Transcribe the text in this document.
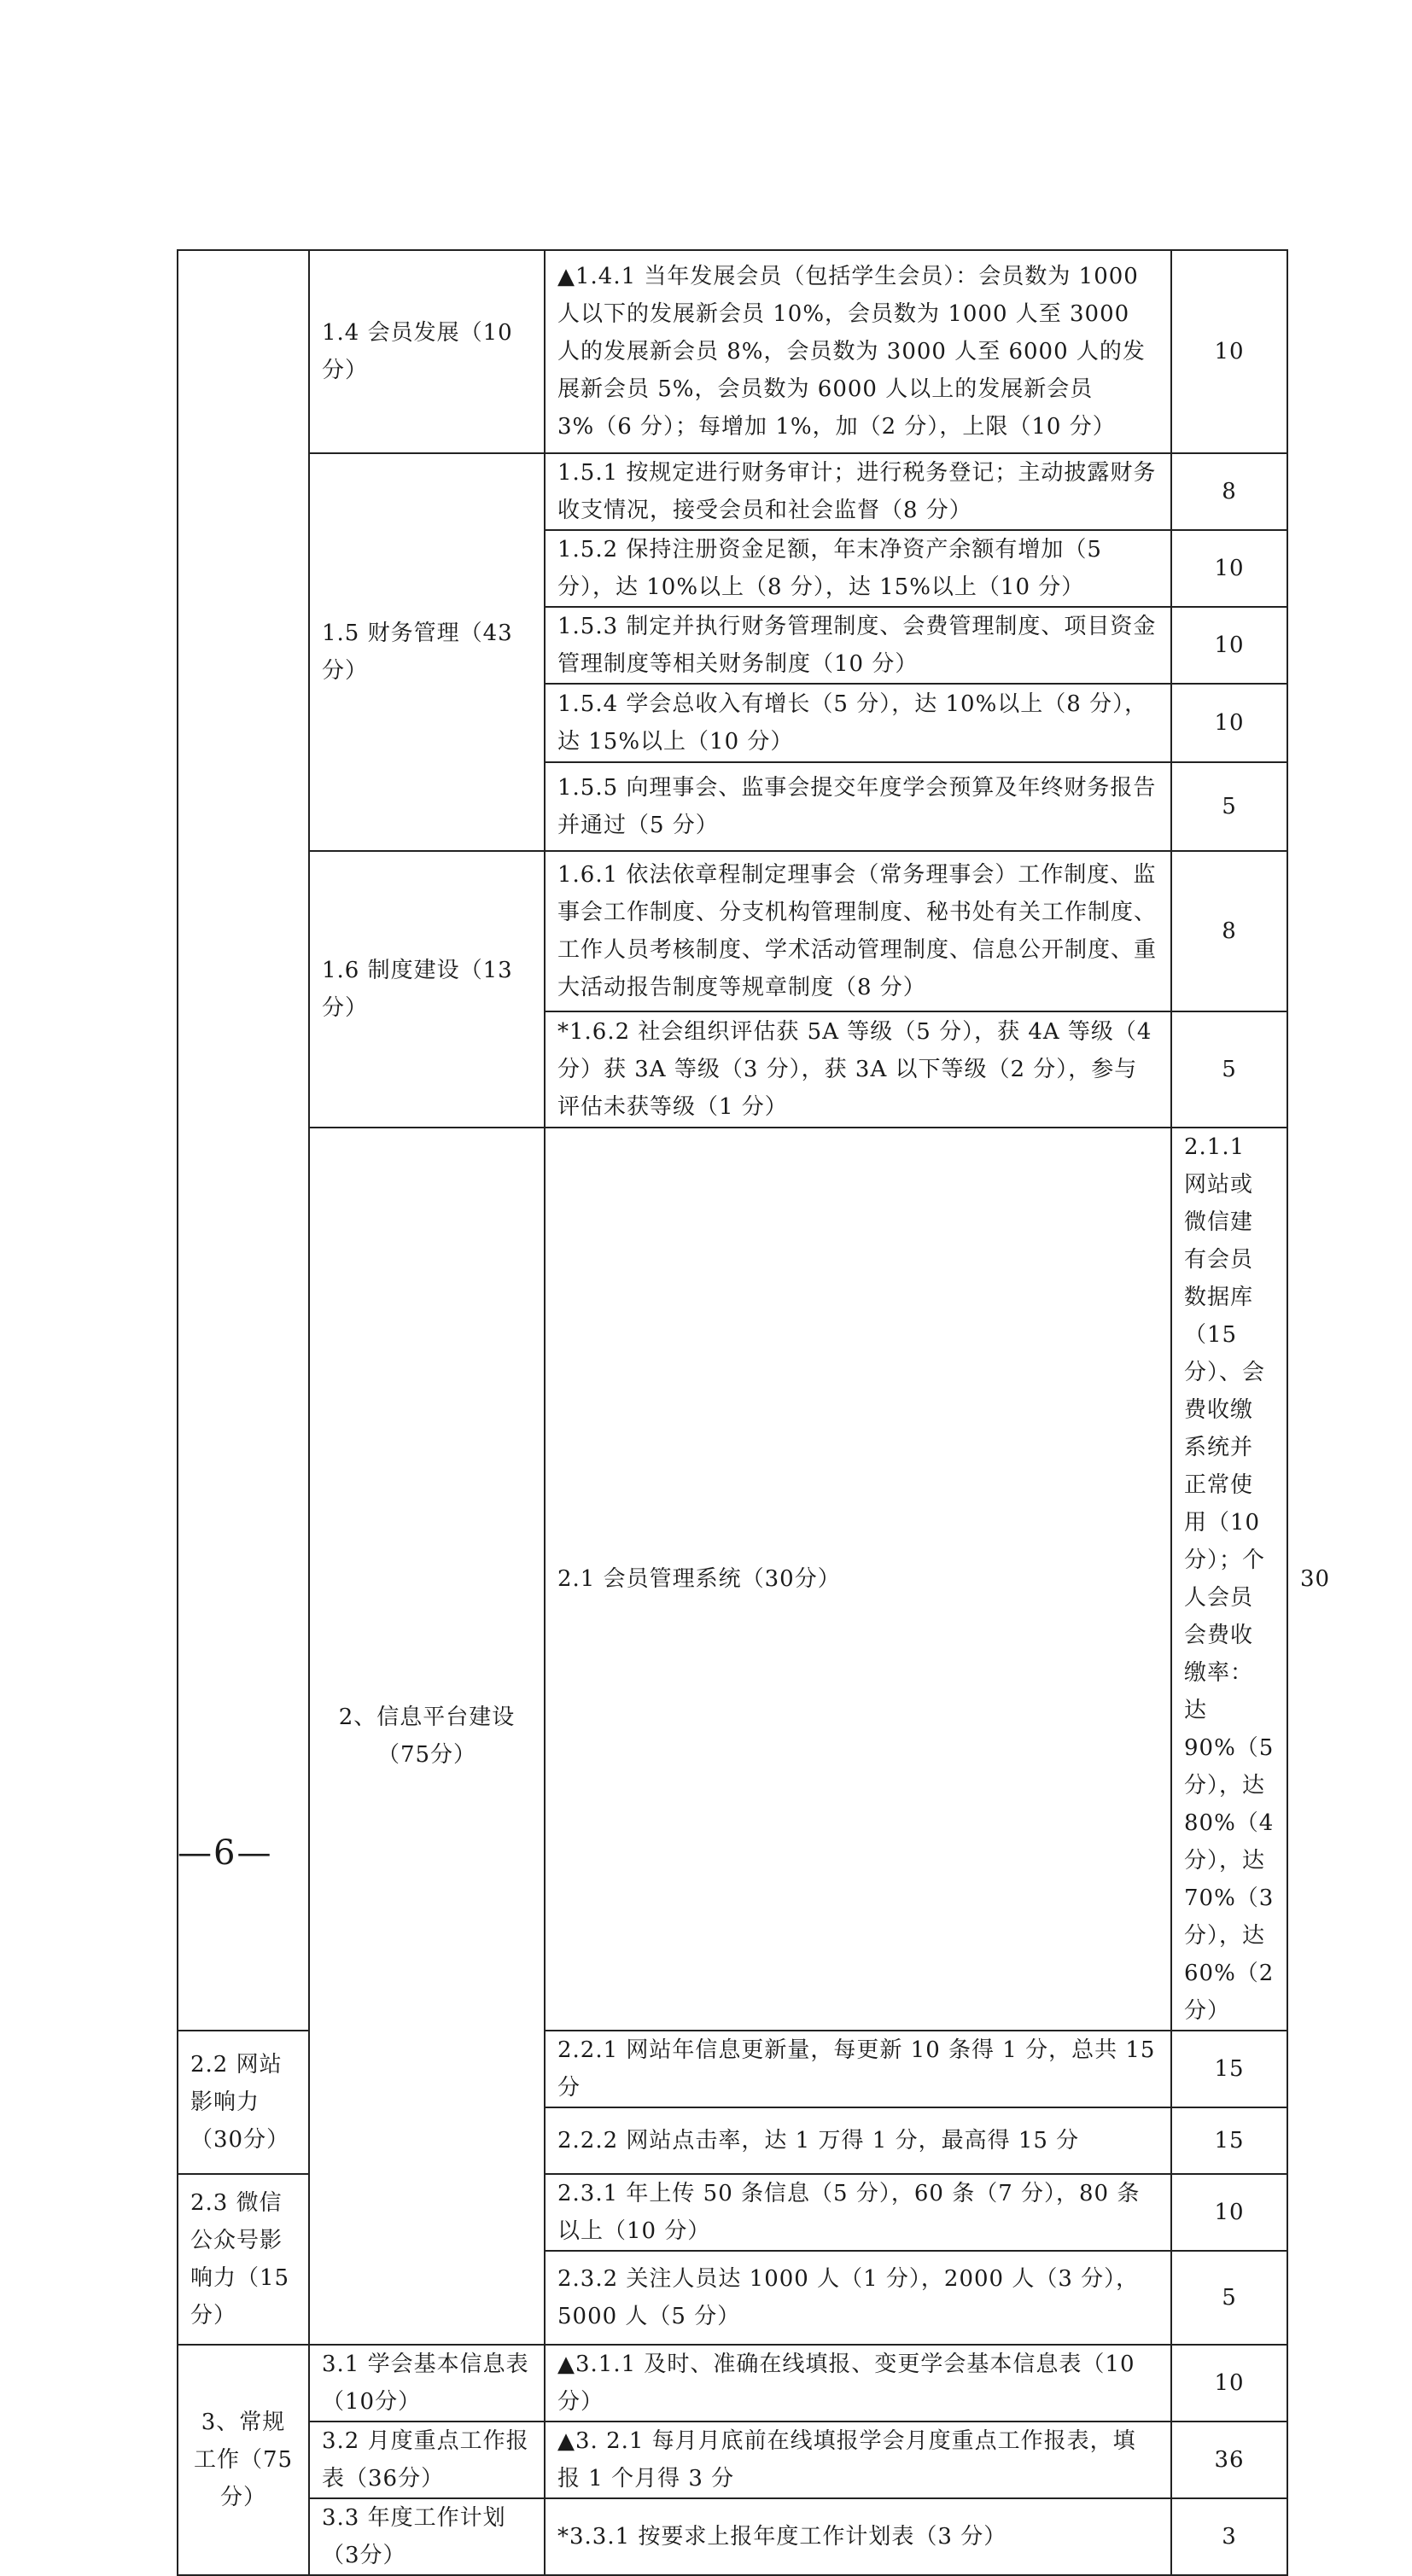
	1.4 会员发展（10分）	▲1.4.1 当年发展会员（包括学生会员）：会员数为 1000 人以下的发展新会员 10%，会员数为 1000 人至 3000 人的发展新会员 8%，会员数为 3000 人至 6000 人的发展新会员 5%，会员数为 6000 人以上的发展新会员 3%（6 分）；每增加 1%，加（2 分），上限（10 分）	10	
	1.5 财务管理（43分）	1.5.1 按规定进行财务审计；进行税务登记；主动披露财务收支情况，接受会员和社会监督（8 分）	8	
		1.5.2 保持注册资金足额，年末净资产余额有增加（5 分），达 10%以上（8 分），达 15%以上（10 分）	10	
		1.5.3 制定并执行财务管理制度、会费管理制度、项目资金管理制度等相关财务制度（10 分）	10	
		1.5.4 学会总收入有增长（5 分），达 10%以上（8 分），达 15%以上（10 分）	10	
		1.5.5 向理事会、监事会提交年度学会预算及年终财务报告并通过（5 分）	5	
	1.6 制度建设（13分）	1.6.1 依法依章程制定理事会（常务理事会）工作制度、监事会工作制度、分支机构管理制度、秘书处有关工作制度、工作人员考核制度、学术活动管理制度、信息公开制度、重大活动报告制度等规章制度（8 分）	8	
		*1.6.2 社会组织评估获 5A 等级（5 分），获 4A 等级（4 分）获 3A 等级（3 分），获 3A 以下等级（2 分），参与评估未获等级（1 分）	5	
	2、信息平台建设（75分）	2.1 会员管理系统（30分）	2.1.1 网站或微信建有会员数据库（15 分）、会费收缴系统并正常使用（10 分）；个人会员会费收缴率：达 90%（5 分），达 80%（4 分），达 70%（3 分），达 60%（2 分）	30
2.2 网站影响力（30分）		2.2.1 网站年信息更新量，每更新 10 条得 1 分，总共 15 分	15	
		2.2.2 网站点击率，达 1 万得 1 分，最高得 15 分	15	
2.3 微信公众号影响力（15分）		2.3.1 年上传 50 条信息（5 分），60 条（7 分），80 条以上（10 分）	10	
		2.3.2 关注人员达 1000 人（1 分），2000 人（3 分），5000 人（5 分）	5	
3、常规工作（75分）	3.1 学会基本信息表（10分）	▲3.1.1 及时、准确在线填报、变更学会基本信息表（10 分）	10	
	3.2 月度重点工作报表（36分）	▲3. 2.1 每月月底前在线填报学会月度重点工作报表，填报 1 个月得 3 分	36	
	3.3 年度工作计划（3分）	*3.3.1 按要求上报年度工作计划表（3 分）	3	
—6—
